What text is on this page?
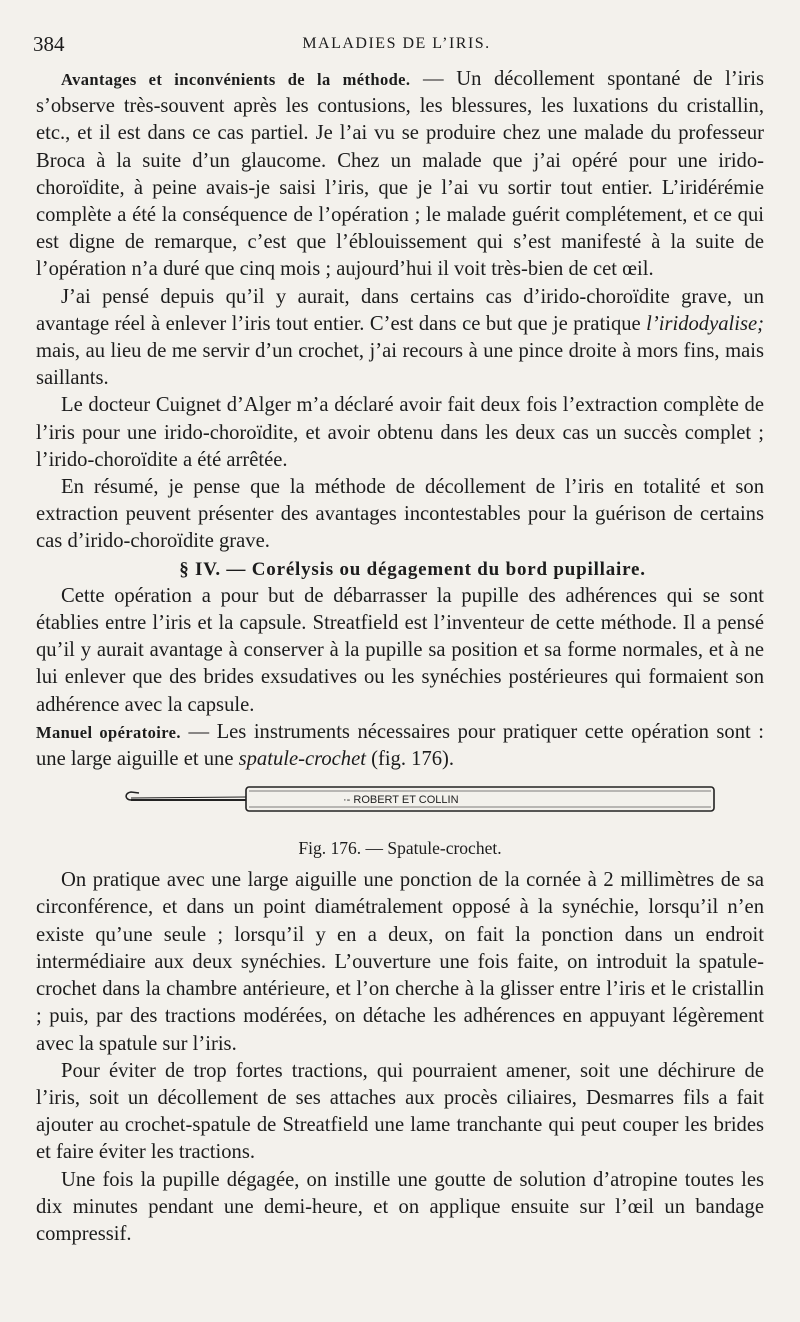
384	MALADIES DE L’IRIS.

Avantages et inconvénients de la méthode. — Un décollement spontané de l’iris s’observe très-souvent après les contusions, les blessures, les luxations du cristallin, etc., et il est dans ce cas partiel. Je l’ai vu se produire chez une malade du professeur Broca à la suite d’un glaucome. Chez un malade que j’ai opéré pour une irido-choroïdite, à peine avais-je saisi l’iris, que je l’ai vu sortir tout entier. L’iridérémie complète a été la conséquence de l’opération ; le malade guérit complétement, et ce qui est digne de remarque, c’est que l’éblouissement qui s’est manifesté à la suite de l’opération n’a duré que cinq mois ; aujourd’hui il voit très-bien de cet œil.

J’ai pensé depuis qu’il y aurait, dans certains cas d’irido-choroïdite grave, un avantage réel à enlever l’iris tout entier. C’est dans ce but que je pratique l’iridodyalise; mais, au lieu de me servir d’un crochet, j’ai recours à une pince droite à mors fins, mais saillants.

Le docteur Cuignet d’Alger m’a déclaré avoir fait deux fois l’extraction complète de l’iris pour une irido-choroïdite, et avoir obtenu dans les deux cas un succès complet ; l’irido-choroïdite a été arrêtée.

En résumé, je pense que la méthode de décollement de l’iris en totalité et son extraction peuvent présenter des avantages incontestables pour la guérison de certains cas d’irido-choroïdite grave.

§ IV. — Corélysis ou dégagement du bord pupillaire.

Cette opération a pour but de débarrasser la pupille des adhérences qui se sont établies entre l’iris et la capsule. Streatfield est l’inventeur de cette méthode. Il a pensé qu’il y aurait avantage à conserver à la pupille sa position et sa forme normales, et à ne lui enlever que des brides exsudatives ou les synéchies postérieures qui formaient son adhérence avec la capsule.

Manuel opératoire. — Les instruments nécessaires pour pratiquer cette opération sont : une large aiguille et une spatule-crochet (fig. 176).

·- ROBERT ET COLLIN
Fig. 176. — Spatule-crochet.

On pratique avec une large aiguille une ponction de la cornée à 2 millimètres de sa circonférence, et dans un point diamétralement opposé à la synéchie, lorsqu’il n’en existe qu’une seule ; lorsqu’il y en a deux, on fait la ponction dans un endroit intermédiaire aux deux synéchies. L’ouverture une fois faite, on introduit la spatule-crochet dans la chambre antérieure, et l’on cherche à la glisser entre l’iris et le cristallin ; puis, par des tractions modérées, on détache les adhérences en appuyant légèrement avec la spatule sur l’iris.

Pour éviter de trop fortes tractions, qui pourraient amener, soit une déchirure de l’iris, soit un décollement de ses attaches aux procès ciliaires, Desmarres fils a fait ajouter au crochet-spatule de Streatfield une lame tranchante qui peut couper les brides et faire éviter les tractions.

Une fois la pupille dégagée, on instille une goutte de solution d’atropine toutes les dix minutes pendant une demi-heure, et on applique ensuite sur l’œil un bandage compressif.
